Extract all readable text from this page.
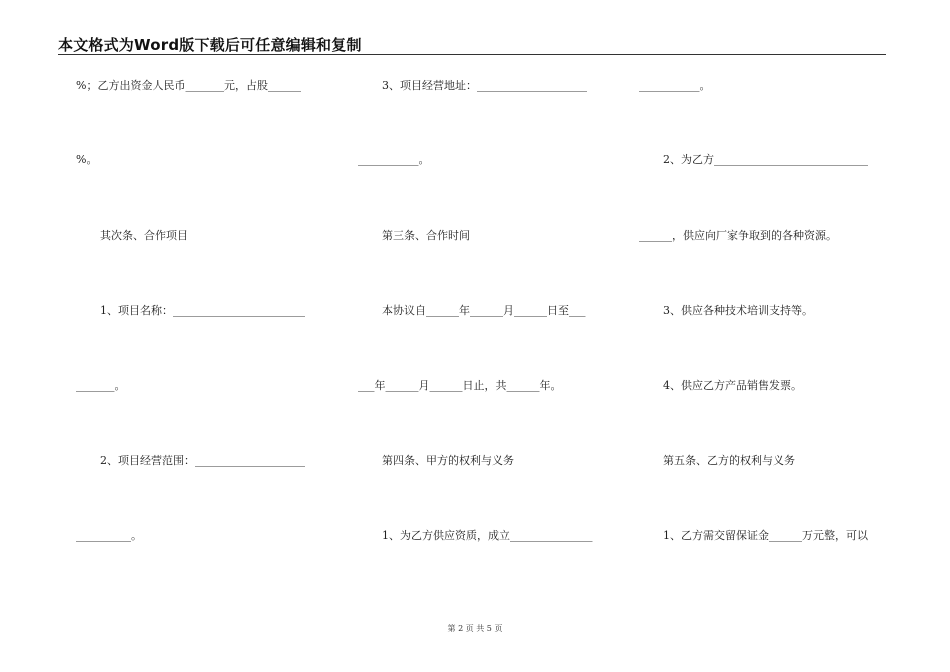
本文格式为Word版下载后可任意编辑和复制
%；乙方出资金人民币_______元，占股______
%。
其次条、合作项目
1、项目名称：________________________
_______。
2、项目经营范围：____________________
__________。
3、项目经营地址：____________________
___________。
第三条、合作时间
本协议自______年______月______日至___
___年______月______日止，共______年。
第四条、甲方的权利与义务
1、为乙方供应资质，成立_______________
___________。
2、为乙方____________________________
______，供应向厂家争取到的各种资源。
3、供应各种技术培训支持等。
4、供应乙方产品销售发票。
第五条、乙方的权利与义务
1、乙方需交留保证金______万元整，可以
第 2 页 共 5 页
